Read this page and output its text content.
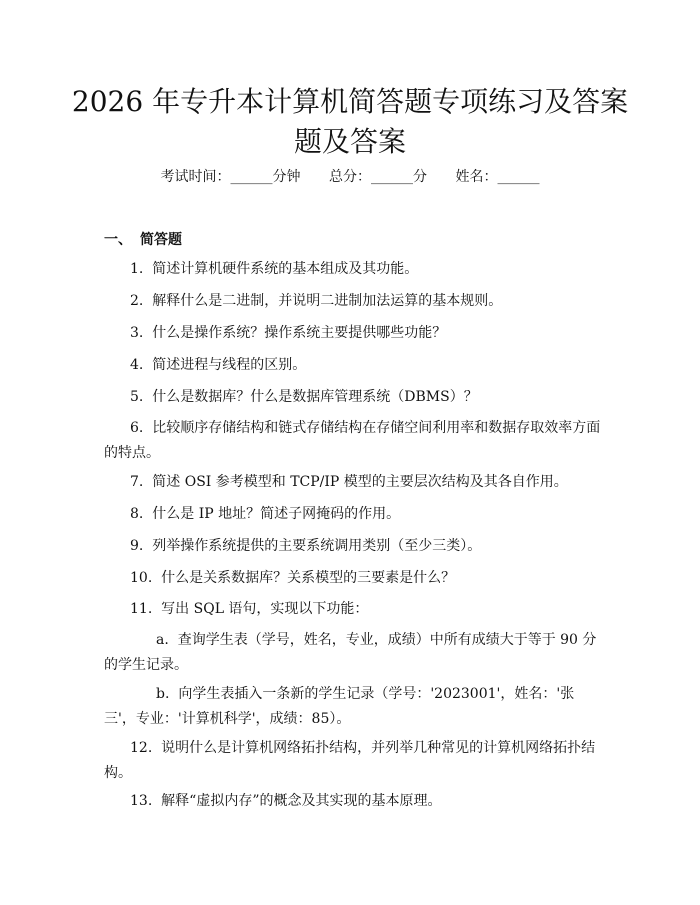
2026 年专升本计算机简答题专项练习及答案
题及答案
考试时间：______分钟 总分：______分 姓名：______
一、 简答题
1. 简述计算机硬件系统的基本组成及其功能。
2. 解释什么是二进制，并说明二进制加法运算的基本规则。
3. 什么是操作系统？操作系统主要提供哪些功能？
4. 简述进程与线程的区别。
5. 什么是数据库？什么是数据库管理系统（DBMS）？
6. 比较顺序存储结构和链式存储结构在存储空间利用率和数据存取效率方面的特点。
7. 简述 OSI 参考模型和 TCP/IP 模型的主要层次结构及其各自作用。
8. 什么是 IP 地址？简述子网掩码的作用。
9. 列举操作系统提供的主要系统调用类别（至少三类）。
10. 什么是关系数据库？关系模型的三要素是什么？
11. 写出 SQL 语句，实现以下功能：
a. 查询学生表（学号，姓名，专业，成绩）中所有成绩大于等于 90 分的学生记录。
b. 向学生表插入一条新的学生记录（学号：'2023001'，姓名：'张三'，专业：'计算机科学'，成绩：85）。
12. 说明什么是计算机网络拓扑结构，并列举几种常见的计算机网络拓扑结构。
13. 解释“虚拟内存”的概念及其实现的基本原理。
